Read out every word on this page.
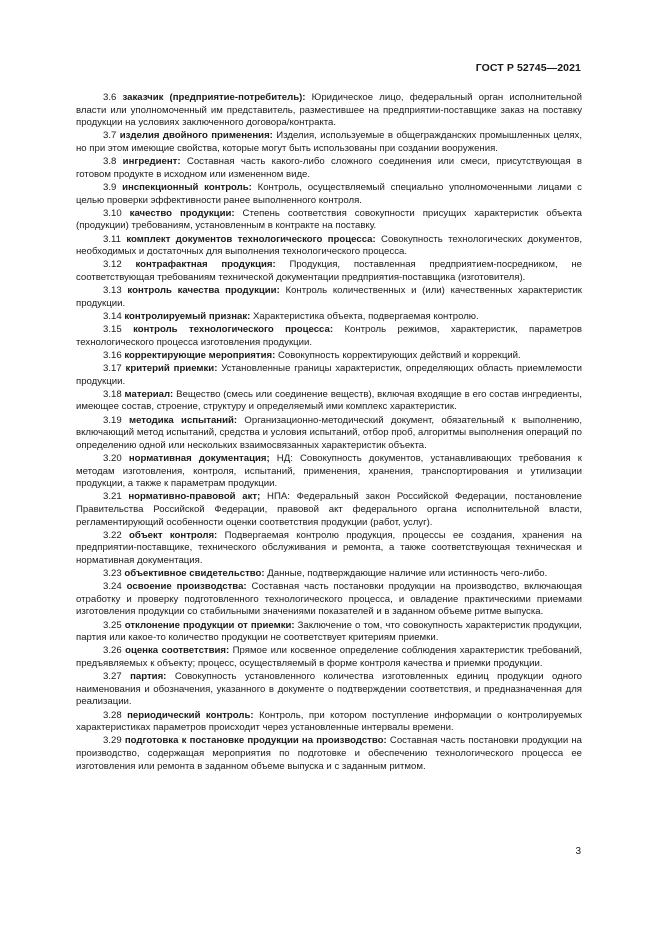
ГОСТ Р 52745—2021

3.6 заказчик (предприятие-потребитель): Юридическое лицо, федеральный орган исполнительной власти или уполномоченный им представитель, разместившее на предприятии-поставщике заказ на поставку продукции на условиях заключенного договора/контракта.

3.7 изделия двойного применения: Изделия, используемые в общегражданских промышленных целях, но при этом имеющие свойства, которые могут быть использованы при создании вооружения.

3.8 ингредиент: Составная часть какого-либо сложного соединения или смеси, присутствующая в готовом продукте в исходном или измененном виде.

3.9 инспекционный контроль: Контроль, осуществляемый специально уполномоченными лицами с целью проверки эффективности ранее выполненного контроля.

3.10 качество продукции: Степень соответствия совокупности присущих характеристик объекта (продукции) требованиям, установленным в контракте на поставку.

3.11 комплект документов технологического процесса: Совокупность технологических документов, необходимых и достаточных для выполнения технологического процесса.

3.12 контрафактная продукция: Продукция, поставленная предприятием-посредником, не соответствующая требованиям технической документации предприятия-поставщика (изготовителя).

3.13 контроль качества продукции: Контроль количественных и (или) качественных характеристик продукции.

3.14 контролируемый признак: Характеристика объекта, подвергаемая контролю.

3.15 контроль технологического процесса: Контроль режимов, характеристик, параметров технологического процесса изготовления продукции.

3.16 корректирующие мероприятия: Совокупность корректирующих действий и коррекций.

3.17 критерий приемки: Установленные границы характеристик, определяющих область приемлемости продукции.

3.18 материал: Вещество (смесь или соединение веществ), включая входящие в его состав ингредиенты, имеющее состав, строение, структуру и определяемый ими комплекс характеристик.

3.19 методика испытаний: Организационно-методический документ, обязательный к выполнению, включающий метод испытаний, средства и условия испытаний, отбор проб, алгоритмы выполнения операций по определению одной или нескольких взаимосвязанных характеристик объекта.

3.20 нормативная документация; НД: Совокупность документов, устанавливающих требования к методам изготовления, контроля, испытаний, применения, хранения, транспортирования и утилизации продукции, а также к параметрам продукции.

3.21 нормативно-правовой акт; НПА: Федеральный закон Российской Федерации, постановление Правительства Российской Федерации, правовой акт федерального органа исполнительной власти, регламентирующий особенности оценки соответствия продукции (работ, услуг).

3.22 объект контроля: Подвергаемая контролю продукция, процессы ее создания, хранения на предприятии-поставщике, технического обслуживания и ремонта, а также соответствующая техническая и нормативная документация.

3.23 объективное свидетельство: Данные, подтверждающие наличие или истинность чего-либо.

3.24 освоение производства: Составная часть постановки продукции на производство, включающая отработку и проверку подготовленного технологического процесса, и овладение практическими приемами изготовления продукции со стабильными значениями показателей и в заданном объеме ритме выпуска.

3.25 отклонение продукции от приемки: Заключение о том, что совокупность характеристик продукции, партия или какое-то количество продукции не соответствует критериям приемки.

3.26 оценка соответствия: Прямое или косвенное определение соблюдения характеристик требований, предъявляемых к объекту; процесс, осуществляемый в форме контроля качества и приемки продукции.

3.27 партия: Совокупность установленного количества изготовленных единиц продукции одного наименования и обозначения, указанного в документе о подтверждении соответствия, и предназначенная для реализации.

3.28 периодический контроль: Контроль, при котором поступление информации о контролируемых характеристиках параметров происходит через установленные интервалы времени.

3.29 подготовка к постановке продукции на производство: Составная часть постановки продукции на производство, содержащая мероприятия по подготовке и обеспечению технологического процесса ее изготовления или ремонта в заданном объеме выпуска и с заданным ритмом.

3
